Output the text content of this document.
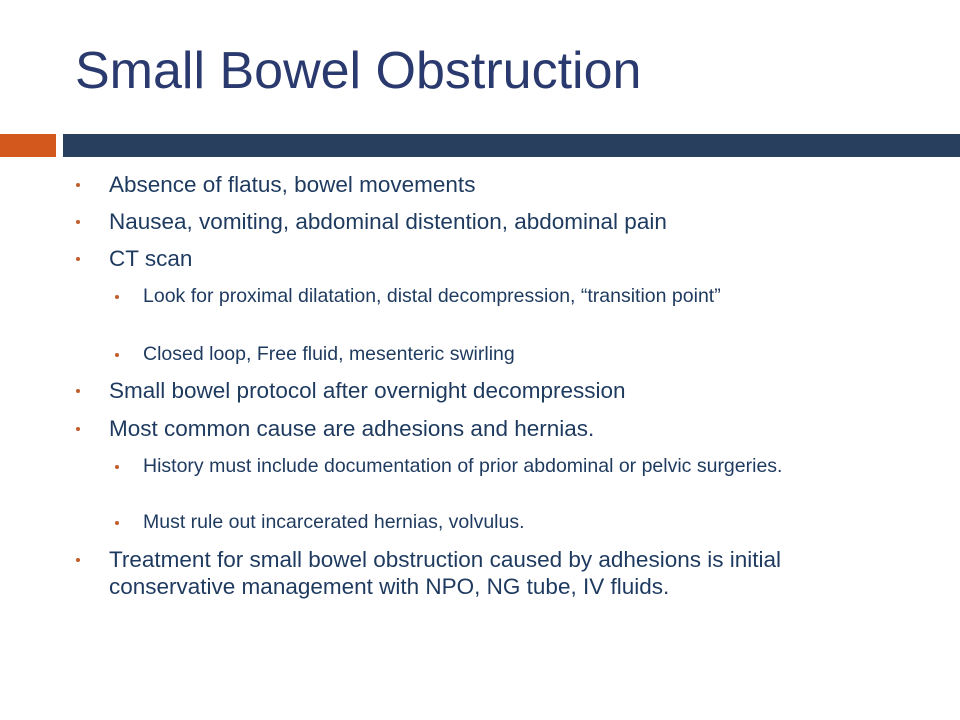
Small Bowel Obstruction
Absence of flatus, bowel movements
Nausea, vomiting, abdominal distention, abdominal pain
CT scan
Look for proximal dilatation, distal decompression, “transition point”
Closed loop, Free fluid, mesenteric swirling
Small bowel protocol after overnight decompression
Most common cause are adhesions and hernias.
History must include documentation of prior abdominal or pelvic surgeries.
Must rule out incarcerated hernias, volvulus.
Treatment for small bowel obstruction caused by adhesions is initial conservative management with NPO, NG tube, IV fluids.
